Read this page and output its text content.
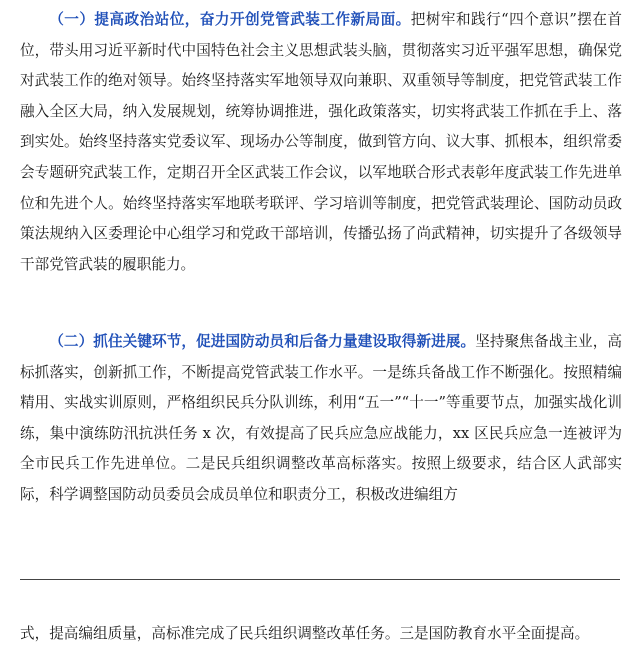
（一）提高政治站位，奋力开创党管武装工作新局面。把树牢和践行“四个意识”摆在首位，带头用习近平新时代中国特色社会主义思想武装头脑，贯彻落实习近平强军思想，确保党对武装工作的绝对领导。始终坚持落实军地领导双向兼职、双重领导等制度，把党管武装工作融入全区大局，纳入发展规划，统筹协调推进，强化政策落实，切实将武装工作抓在手上、落到实处。始终坚持落实党委议军、现场办公等制度，做到管方向、议大事、抓根本，组织常委会专题研究武装工作，定期召开全区武装工作会议，以军地联合形式表彰年度武装工作先进单位和先进个人。始终坚持落实军地联考联评、学习培训等制度，把党管武装理论、国防动员政策法规纳入区委理论中心组学习和党政干部培训，传播弘扬了尚武精神，切实提升了各级领导干部党管武装的履职能力。

（二）抓住关键环节，促进国防动员和后备力量建设取得新进展。坚持聚焦备战主业，高标抓落实，创新抓工作，不断提高党管武装工作水平。一是练兵备战工作不断强化。按照精编精用、实战实训原则，严格组织民兵分队训练，利用“五一”“十一”等重要节点，加强实战化训练，集中演练防汛抗洪任务 x 次，有效提高了民兵应急应战能力，xx 区民兵应急一连被评为全市民兵工作先进单位。二是民兵组织调整改革高标落实。按照上级要求，结合区人武部实际，科学调整国防动员委员会成员单位和职责分工，积极改进编组方

式，提高编组质量，高标准完成了民兵组织调整改革任务。三是国防教育水平全面提高。
